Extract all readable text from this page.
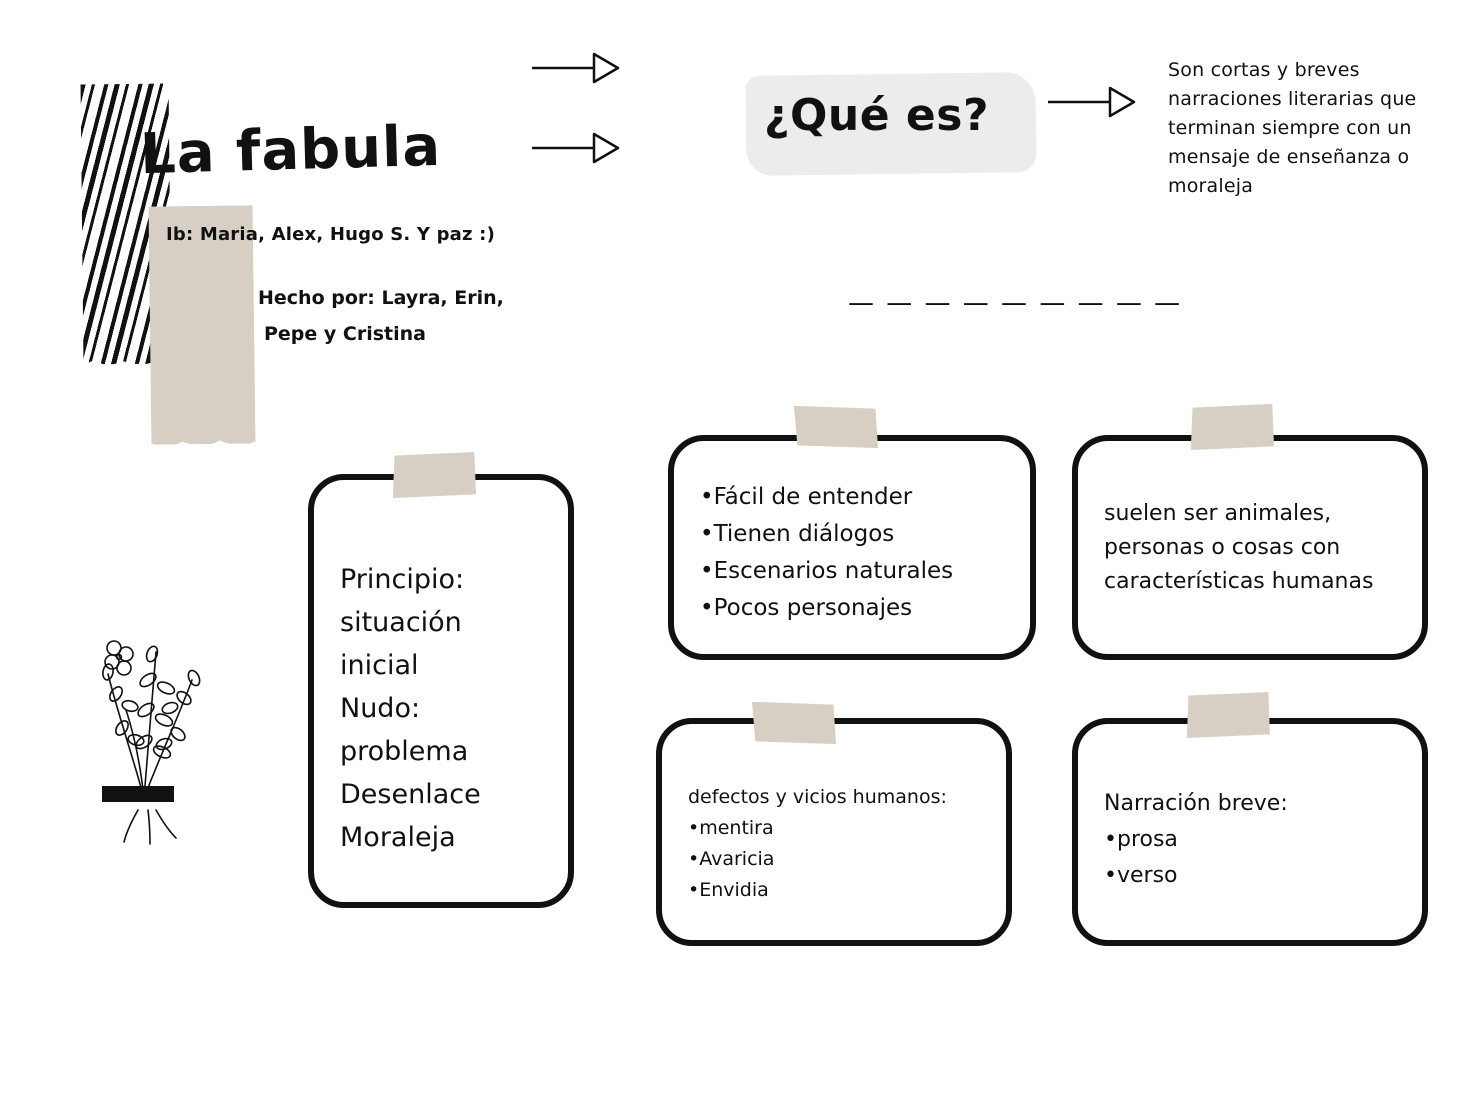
La fabula
Ib: Maria, Alex, Hugo S. Y paz :)
Hecho por: Layra, Erin,
Pepe y Cristina
¿Qué es?
Son cortas y breves narraciones literarias que terminan siempre con un mensaje de enseñanza o moraleja
— — — — — — — — —
Principio:
situación
inicial
Nudo:
problema
Desenlace
Moraleja
•Fácil de entender
•Tienen diálogos
•Escenarios naturales
•Pocos personajes
suelen ser animales,
personas o cosas con
características humanas
defectos y vicios humanos:
•mentira
•Avaricia
•Envidia
Narración breve:
•prosa
•verso
